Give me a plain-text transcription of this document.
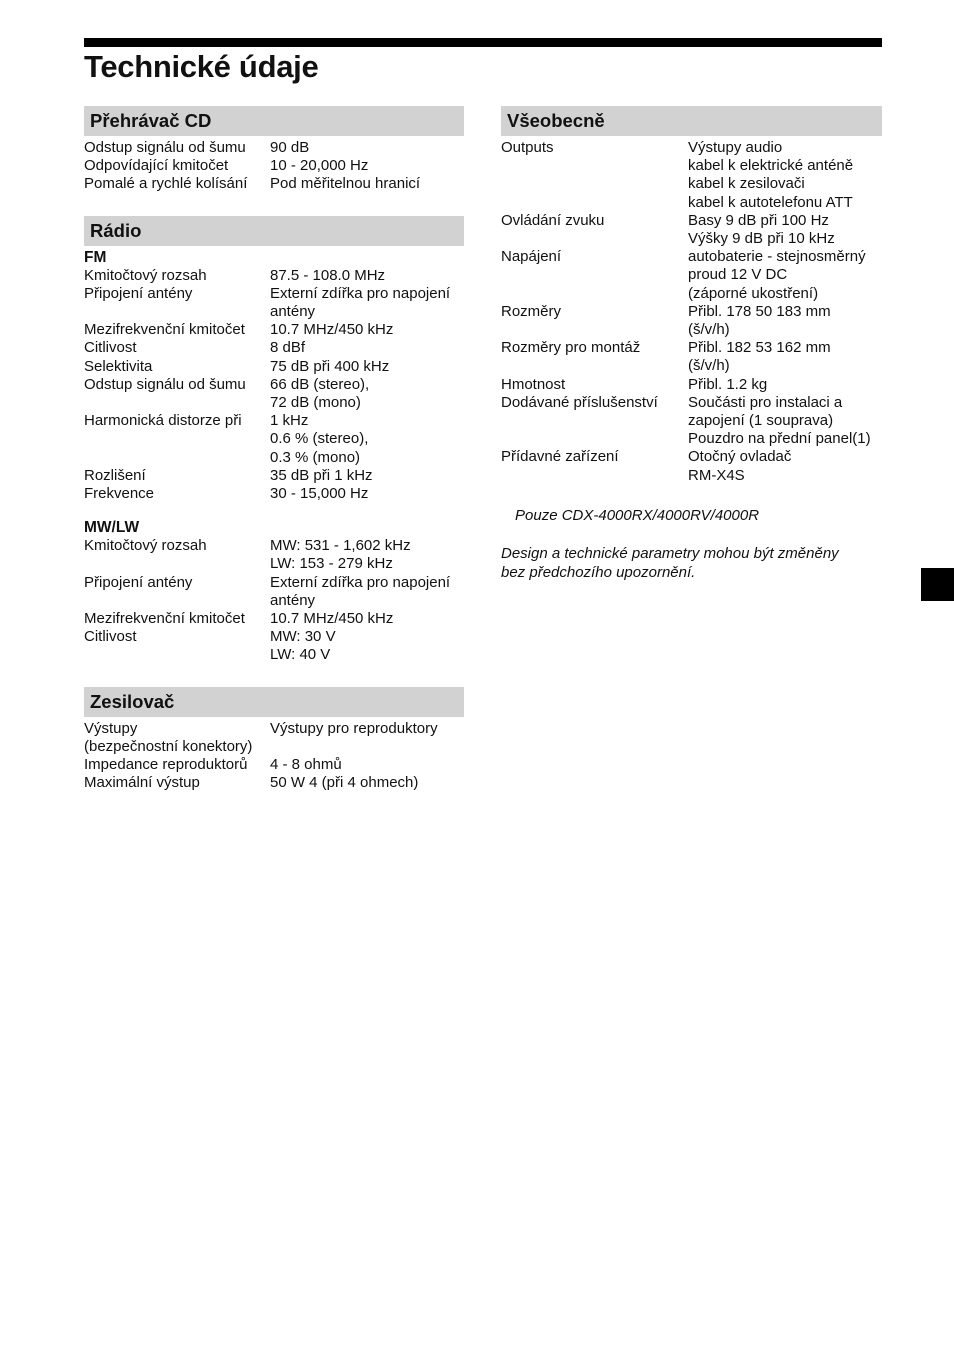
Technické údaje
Přehrávač CD
Odstup signálu od šumu	90 dB
Odpovídající kmitočet	10 - 20,000 Hz
Pomalé a rychlé kolísání	Pod měřitelnou hranicí
Rádio
FM
Kmitočtový rozsah	87.5 - 108.0 MHz

Připojení antény	Externí zdířka pro napojení
antény

Mezifrekvenční kmitočet	10.7 MHz/450 kHz

Citlivost	8 dBf

Selektivita	75 dB při 400 kHz

Odstup signálu od šumu	66 dB (stereo),
72 dB (mono)

Harmonická distorze při	1 kHz
0.6 % (stereo),
0.3 % (mono)

Rozlišení	35 dB při 1 kHz

Frekvence	30 - 15,000 Hz
MW/LW
Kmitočtový rozsah	MW: 531 - 1,602 kHz
LW: 153 - 279 kHz

Připojení antény	Externí zdířka pro napojení
antény

Mezifrekvenční kmitočet	10.7 MHz/450 kHz

Citlivost	MW: 30 V
LW: 40 V
Zesilovač
Výstupy	Výstupy pro reproduktory

(bezpečnostní konektory)	
Impedance reproduktorů	4 - 8 ohmů

Maximální výstup	50 W 4 (při 4 ohmech)
Všeobecně
Outputs	Výstupy audio
kabel k elektrické anténě
kabel k zesilovači
kabel k autotelefonu ATT

Ovládání zvuku	Basy 9 dB při 100 Hz
Výšky 9 dB při 10 kHz

Napájení	autobaterie - stejnosměrný
proud 12 V DC
(záporné ukostření)

Rozměry	Přibl. 178 50 183 mm
(š/v/h)

Rozměry pro montáž	Přibl. 182 53 162 mm
(š/v/h)

Hmotnost	Přibl. 1.2 kg

Dodávané příslušenství	Součásti pro instalaci a
zapojení (1 souprava)
Pouzdro na přední panel(1)

Přídavné zařízení	Otočný ovladač
RM-X4S
Pouze CDX-4000RX/4000RV/4000R
Design a technické parametry mohou být změněny
bez předchozího upozornění.
